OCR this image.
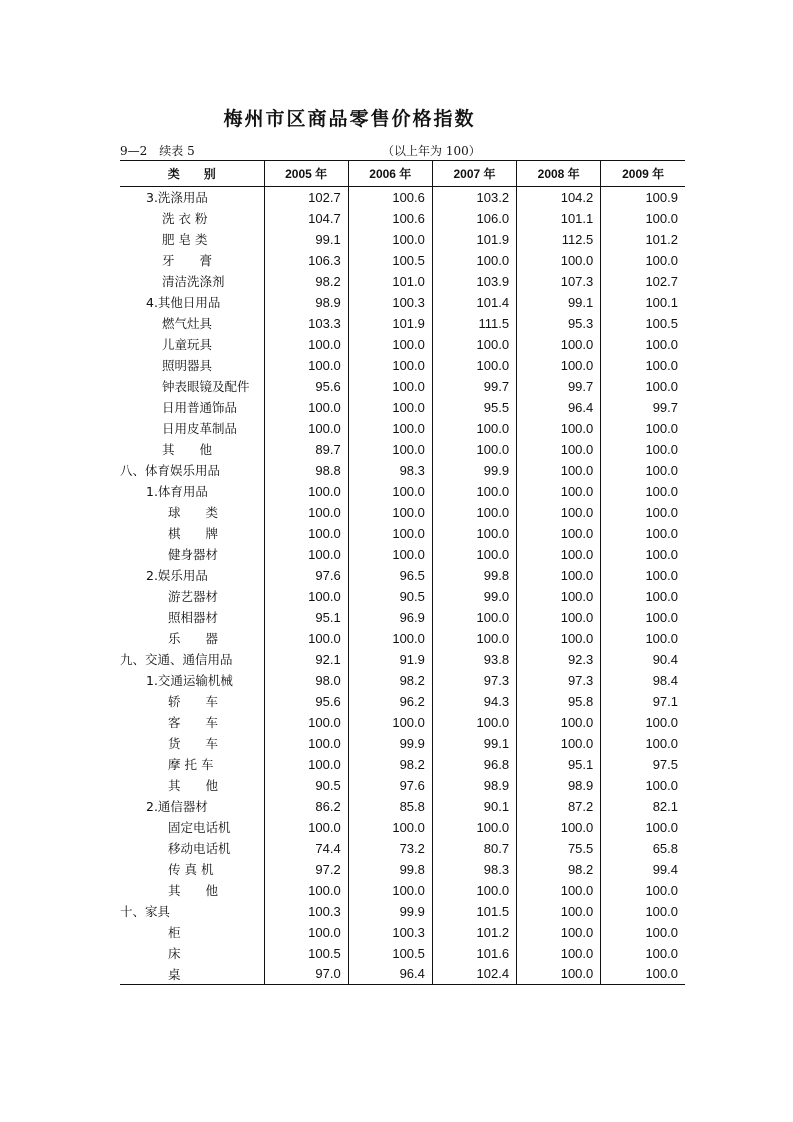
梅州市区商品零售价格指数
9—2　续表 5	（以上年为 100）
类　　别	2005 年	2006 年	2007 年	2008 年	2009 年
3.洗涤用品	102.7	100.6	103.2	104.2	100.9
洗 衣 粉	104.7	100.6	106.0	101.1	100.0
肥 皂 类	99.1	100.0	101.9	112.5	101.2
牙　　膏	106.3	100.5	100.0	100.0	100.0
清洁洗涤剂	98.2	101.0	103.9	107.3	102.7
4.其他日用品	98.9	100.3	101.4	99.1	100.1
燃气灶具	103.3	101.9	111.5	95.3	100.5
儿童玩具	100.0	100.0	100.0	100.0	100.0
照明器具	100.0	100.0	100.0	100.0	100.0
钟表眼镜及配件	95.6	100.0	99.7	99.7	100.0
日用普通饰品	100.0	100.0	95.5	96.4	99.7
日用皮革制品	100.0	100.0	100.0	100.0	100.0
其　　他	89.7	100.0	100.0	100.0	100.0
八、体育娱乐用品	98.8	98.3	99.9	100.0	100.0
1.体育用品	100.0	100.0	100.0	100.0	100.0
球　　类	100.0	100.0	100.0	100.0	100.0
棋　　牌	100.0	100.0	100.0	100.0	100.0
健身器材	100.0	100.0	100.0	100.0	100.0
2.娱乐用品	97.6	96.5	99.8	100.0	100.0
游艺器材	100.0	90.5	99.0	100.0	100.0
照相器材	95.1	96.9	100.0	100.0	100.0
乐　　器	100.0	100.0	100.0	100.0	100.0
九、交通、通信用品	92.1	91.9	93.8	92.3	90.4
1.交通运输机械	98.0	98.2	97.3	97.3	98.4
轿　　车	95.6	96.2	94.3	95.8	97.1
客　　车	100.0	100.0	100.0	100.0	100.0
货　　车	100.0	99.9	99.1	100.0	100.0
摩 托 车	100.0	98.2	96.8	95.1	97.5
其　　他	90.5	97.6	98.9	98.9	100.0
2.通信器材	86.2	85.8	90.1	87.2	82.1
固定电话机	100.0	100.0	100.0	100.0	100.0
移动电话机	74.4	73.2	80.7	75.5	65.8
传 真 机	97.2	99.8	98.3	98.2	99.4
其　　他	100.0	100.0	100.0	100.0	100.0
十、家具	100.3	99.9	101.5	100.0	100.0
柜	100.0	100.3	101.2	100.0	100.0
床	100.5	100.5	101.6	100.0	100.0
桌	97.0	96.4	102.4	100.0	100.0
